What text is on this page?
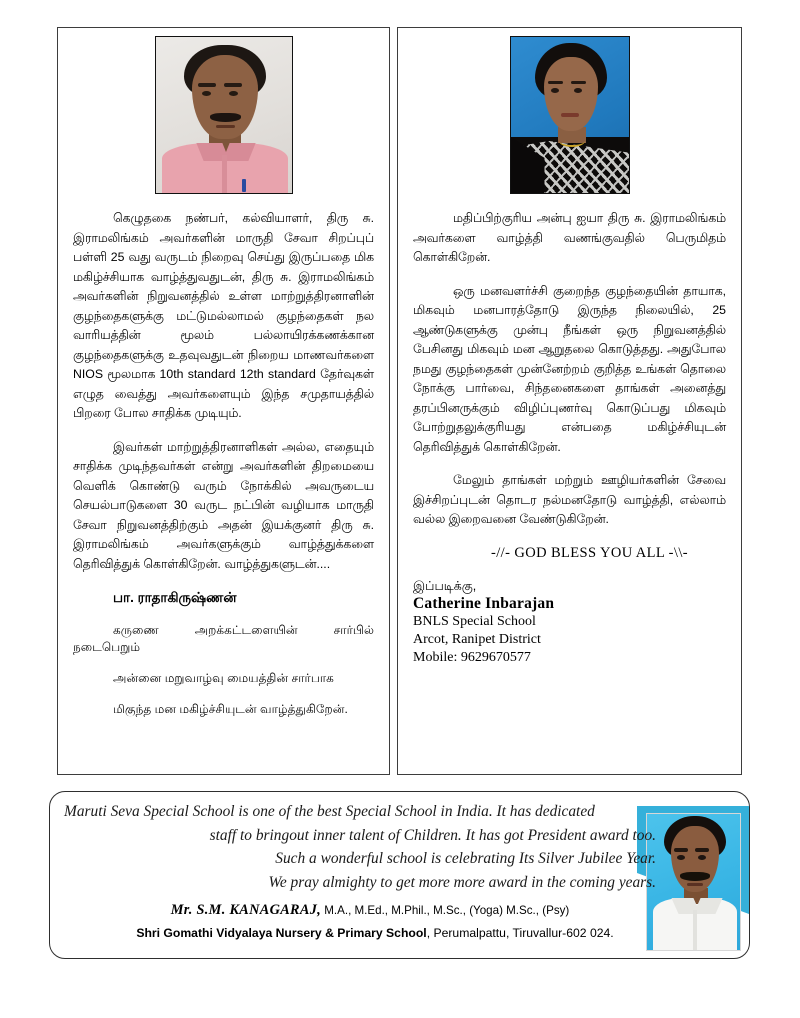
கெழுதகை நண்பர், கல்வியாளர், திரு சு. இராமலிங்கம் அவர்களின் மாருதி சேவா சிறப்புப் பள்ளி 25 வது வருடம் நிறைவு செய்து இருப்பதை மிக மகிழ்ச்சியாக வாழ்த்துவதுடன், திரு சு. இராமலிங்கம் அவர்களின் நிறுவனத்தில் உள்ள மாற்றுத்திரனாளின் குழந்தைகளுக்கு மட்டுமல்லாமல் குழந்தைகள் நல வாரியத்தின் மூலம் பல்லாயிரக்கணக்கான குழந்தைகளுக்கு உதவுவதுடன் நிறைய மாணவர்களை NIOS மூலமாக 10th standard 12th standard தேர்வுகள் எழுத வைத்து அவர்களையும் இந்த சமுதாயத்தில் பிறரை போல சாதிக்க முடியும்.

இவர்கள் மாற்றுத்திரனாளிகள் அல்ல, எதையும் சாதிக்க முடிந்தவர்கள் என்று அவர்களின் திறமையை வெளிக் கொண்டு வரும் நோக்கில் அவருடைய செயல்பாடுகளை 30 வருட நட்பின் வழியாக மாருதி சேவா நிறுவனத்திற்கும் அதன் இயக்குனர் திரு சு. இராமலிங்கம் அவர்களுக்கும் வாழ்த்துக்களை தெரிவித்துக் கொள்கிறேன். வாழ்த்துகளுடன்....

பா. ராதாகிருஷ்ணன்

கருணை அறக்கட்டளையின் சார்பில் நடைபெறும்

அன்னை மறுவாழ்வு மையத்தின் சார்பாக

மிகுந்த மன மகிழ்ச்சியுடன் வாழ்த்துகிறேன்.

மதிப்பிற்குரிய அன்பு ஐயா திரு சு. இராமலிங்கம் அவர்களை வாழ்த்தி வணங்குவதில் பெருமிதம் கொள்கிறேன்.

ஒரு மனவளர்ச்சி குறைந்த குழந்தையின் தாயாக, மிகவும் மனபாரத்தோடு இருந்த நிலையில், 25 ஆண்டுகளுக்கு முன்பு நீங்கள் ஒரு நிறுவனத்தில் பேசினது மிகவும் மன ஆறுதலை கொடுத்தது. அதுபோல நமது குழந்தைகள் முன்னேற்றம் குறித்த உங்கள் தொலை நோக்கு பார்வை, சிந்தனைகளை தாங்கள் அனைத்து தரப்பினருக்கும் விழிப்புணர்வு கொடுப்பது மிகவும் போற்றுதலுக்குரியது என்பதை மகிழ்ச்சியுடன் தெரிவித்துக் கொள்கிறேன்.

மேலும் தாங்கள் மற்றும் ஊழியர்களின் சேவை இச்சிறப்புடன் தொடர நல்மனதோடு வாழ்த்தி, எல்லாம் வல்ல இறைவனை வேண்டுகிறேன்.

-//- GOD BLESS YOU ALL -\\-

இப்படிக்கு,
Catherine Inbarajan
BNLS Special School
Arcot, Ranipet District
Mobile: 9629670577
Maruti Seva Special School is one of the best Special School in India. It has dedicated
staff to bringout inner talent of Children. It has got President award too.
Such a wonderful school is celebrating Its Silver Jubilee Year.
We pray almighty to get more more award in the coming years.
Mr. S.M. KANAGARAJ, M.A., M.Ed., M.Phil., M.Sc., (Yoga) M.Sc., (Psy)
Shri Gomathi Vidyalaya Nursery & Primary School, Perumalpattu, Tiruvallur-602 024.
